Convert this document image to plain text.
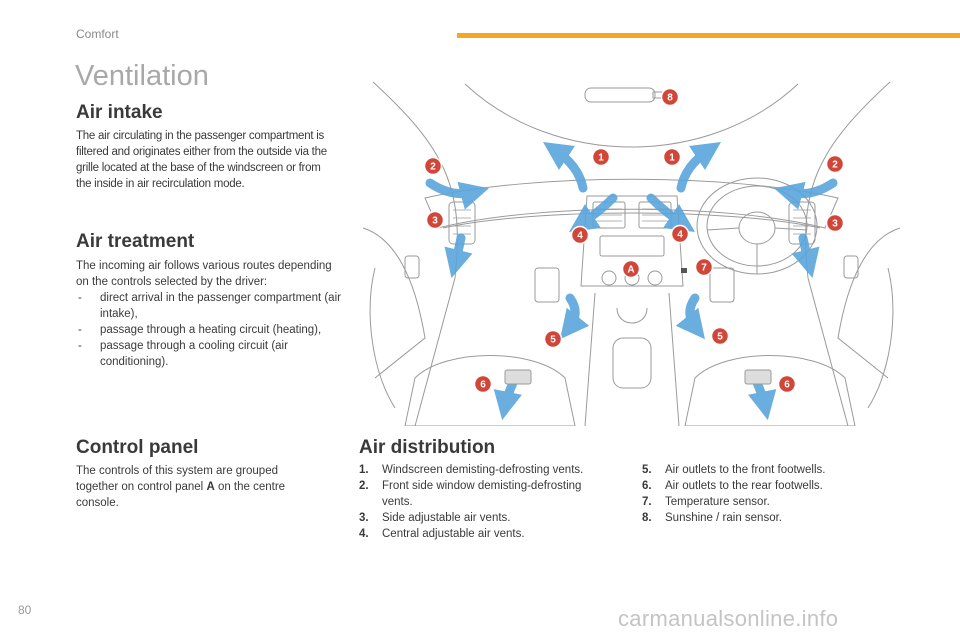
Comfort
Ventilation
Air intake

The air circulating in the passenger compartment is filtered and originates either from the outside via the grille located at the base of the windscreen or from the inside in air recirculation mode.

Air treatment

The incoming air follows various routes depending on the controls selected by the driver:

- direct arrival in the passenger compartment (air intake),
- passage through a heating circuit (heating),
- passage through a cooling circuit (air conditioning).
Control panel

The controls of this system are grouped together on control panel A on the centre console.

Air distribution
1. Windscreen demisting-defrosting vents.
2. Front side window demisting-defrosting vents.
3. Side adjustable air vents.
4. Central adjustable air vents.
5. Air outlets to the front footwells.
6. Air outlets to the rear footwells.
7. Temperature sensor.
8. Sunshine / rain sensor.
8
1	1
2	2
3	3
4	4
A	7
5	5
6	6
80	carmanualsonline.info
